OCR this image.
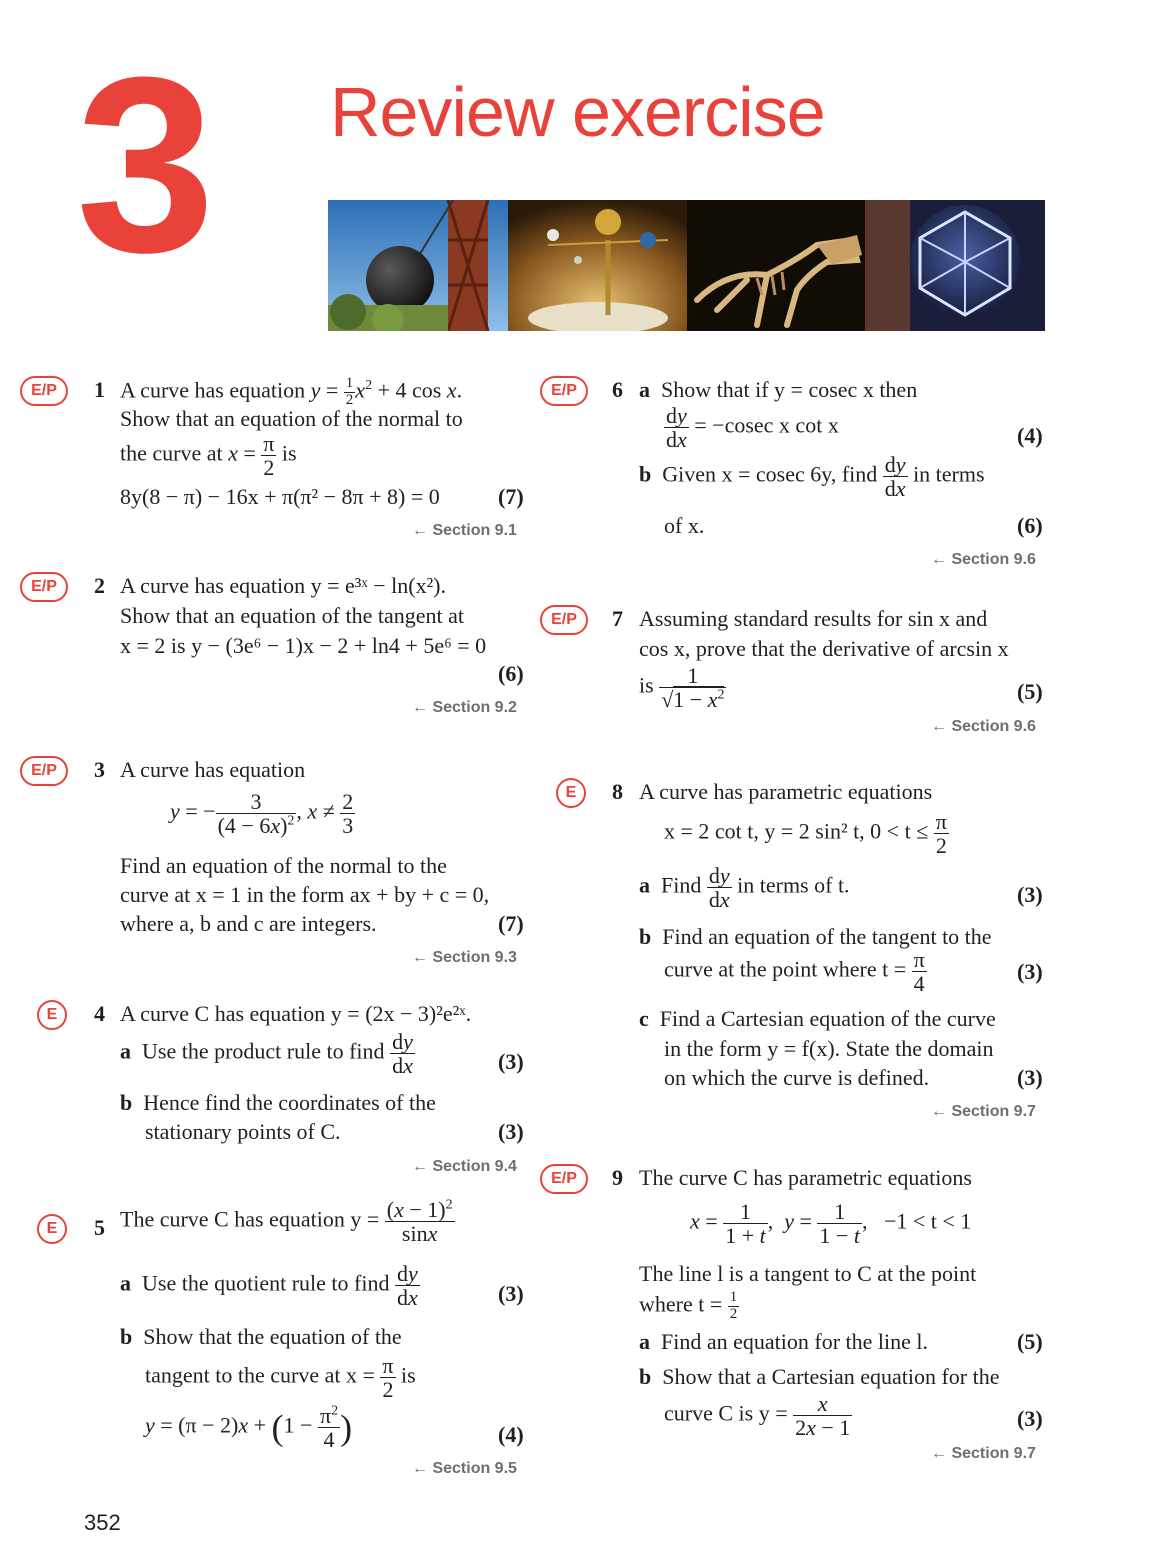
3 Review exercise
E/P	1 A curve has equation $y = \frac{1}{2} x^2 + 4$ cos x.
Show that an equation of the normal to
the curve at $x = \frac{\pi}{2}$ is
8y(8 − π) − 16x + π(π² − 8π + 8) = 0	(7)
← Section 9.1
E/P	2 A curve has equation y = e³ˣ − ln(x²).
Show that an equation of the tangent at
x = 2 is y − (3e⁶ − 1)x − 2 + ln4 + 5e⁶ = 0
(6)
← Section 9.2
E/P	3 A curve has equation
y = − $\frac{3}{(4 - 6x)^2}$ , $x \ne \frac{2}{3}$
Find an equation of the normal to the
curve at x = 1 in the form ax + by + c = 0,
where a, b and c are integers.	(7)
← Section 9.3
E	4 A curve C has equation y = (2x − 3)²e²ˣ.
a Use the product rule to find $\frac{dy}{dx}$	(3)
b Hence find the coordinates of the
stationary points of C.	(3)
← Section 9.4
E	5 The curve C has equation $y = \frac{(x - 1)^2}{\sin x}$
a Use the quotient rule to find $\frac{dy}{dx}$	(3)
b Show that the equation of the
tangent to the curve at $x = \frac{\pi}{2}$ is
$y = (\pi - 2)x + (1 - \frac{\pi^2}{4}$ )	(4)
← Section 9.5
E/P	6 a Show that if y = cosec x then
$\frac{dy}{dx} = -cosec$ x cot x	(4)
b Given x = cosec 6y, find $\frac{dy}{dx}$ in terms
of x.	(6)
← Section 9.6
E/P	7 Assuming standard results for sin x and
cos x, prove that the derivative of arcsin x
is $\frac{1}{√1 - x^2}$	(5)
← Section 9.6
E	8 A curve has parametric equations
x = 2 cot t, y = 2 sin² t, $0 < t \le \frac{\pi}{2}$
a Find $\frac{dy}{dx}$ in terms of t.	(3)
b Find an equation of the tangent to the
curve at the point where $t = \frac{\pi}{4}$	(3)
c Find a Cartesian equation of the curve
in the form y = f(x). State the domain
on which the curve is defined.	(3)
← Section 9.7
E/P	9 The curve C has parametric equations
$x = \frac{1}{1 + t}$ ,  $y = \frac{1}{1 - t}$ ,   −1 < t < 1
The line l is a tangent to C at the point
where $t = \frac{1}{2}$
a Find an equation for the line l.	(5)
b Show that a Cartesian equation for the
curve C is $y = \frac{x}{2x - 1}$	(3)
← Section 9.7
352
